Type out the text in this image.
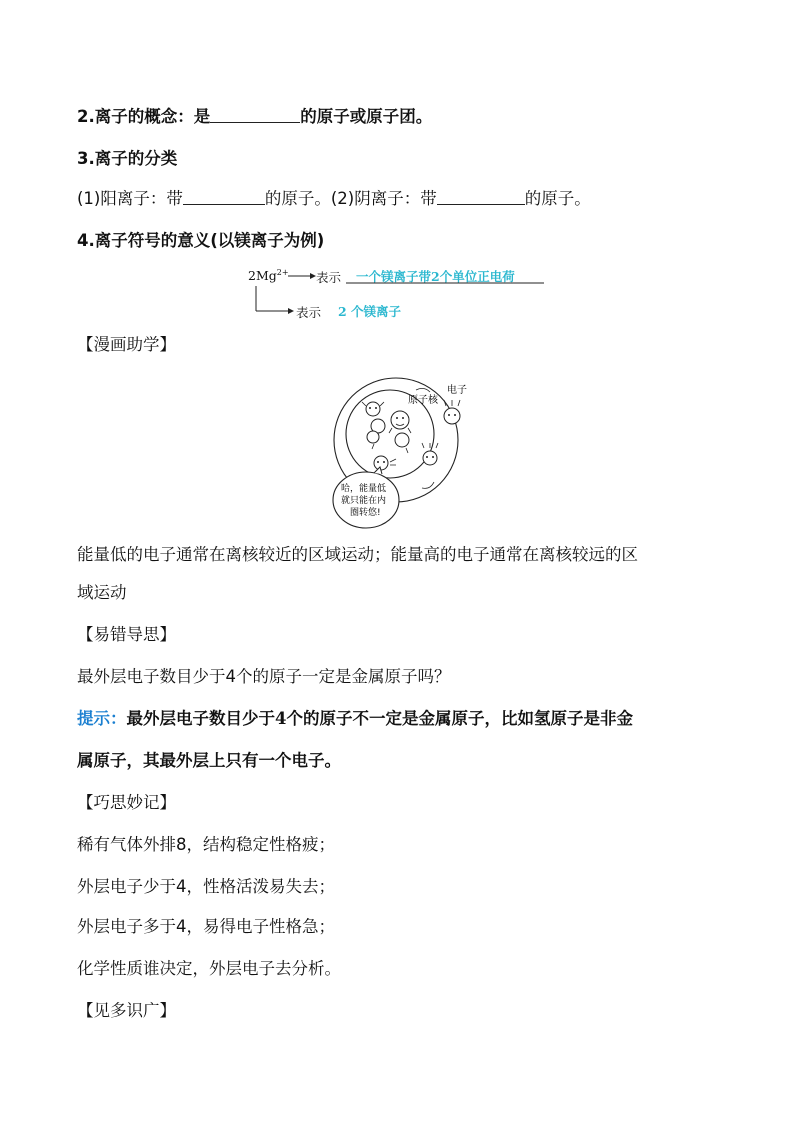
2.离子的概念：是	的原子或原子团。
3.离子的分类
(1)阳离子：带	的原子。(2)阴离子：带	的原子。
4.离子符号的意义(以镁离子为例)
$2Mg^{2+}$ 表示 一个镁离子带2个单位正电荷
表示 2 个镁离子
【漫画助学】
原子核
电子
哈，能量低
就只能在内
圈转悠!
能量低的电子通常在离核较近的区域运动；能量高的电子通常在离核较远的区
域运动
【易错导思】
最外层电子数目少于4个的原子一定是金属原子吗？
提示：最外层电子数目少于4个的原子不一定是金属原子，比如氢原子是非金
属原子，其最外层上只有一个电子。
【巧思妙记】
稀有气体外排8，结构稳定性格疲；
外层电子少于4，性格活泼易失去；
外层电子多于4，易得电子性格急；
化学性质谁决定，外层电子去分析。
【见多识广】
